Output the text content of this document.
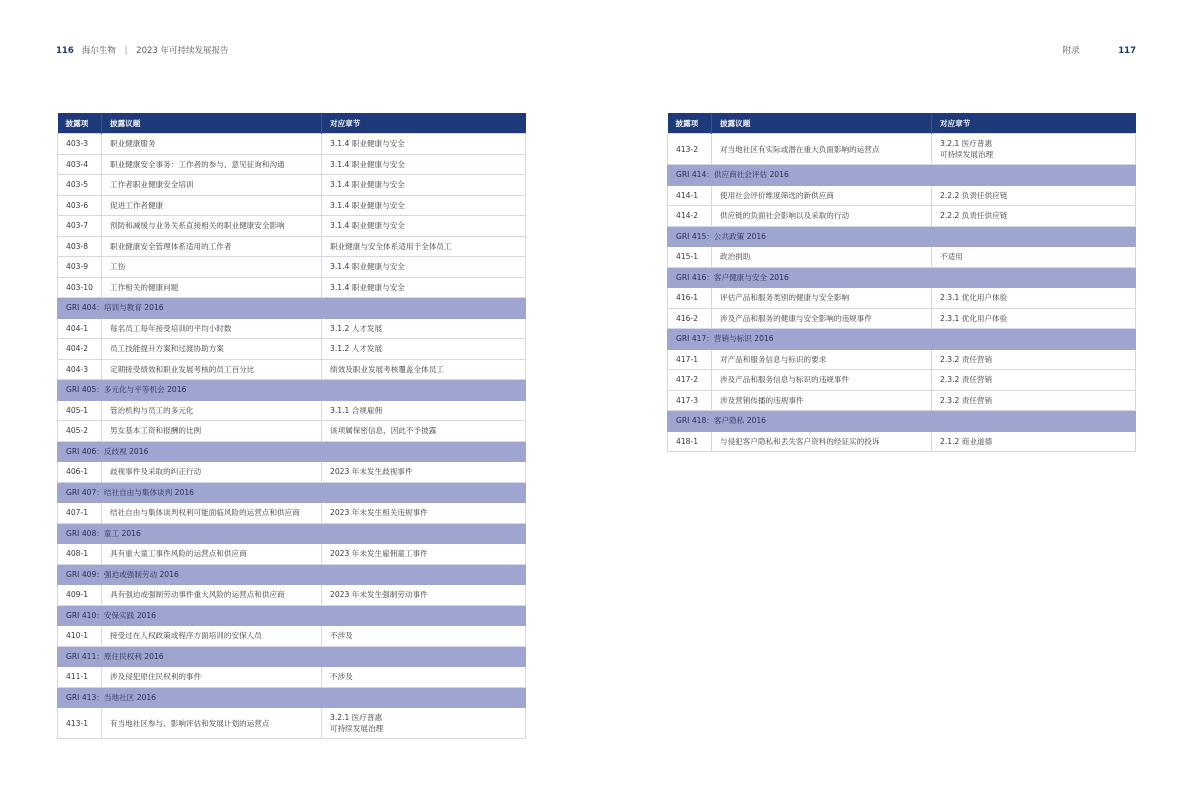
116 海尔生物 | 2023 年可持续发展报告	附录	117
披露项	披露议题	对应章节
403-3	职业健康服务	3.1.4 职业健康与安全
403-4	职业健康安全事务：工作者的参与、意见征询和沟通	3.1.4 职业健康与安全
403-5	工作者职业健康安全培训	3.1.4 职业健康与安全
403-6	促进工作者健康	3.1.4 职业健康与安全
403-7	预防和减缓与业务关系直接相关的职业健康安全影响	3.1.4 职业健康与安全
403-8	职业健康安全管理体系适用的工作者	职业健康与安全体系适用于全体员工
403-9	工伤	3.1.4 职业健康与安全
403-10	工作相关的健康问题	3.1.4 职业健康与安全
GRI 404：培训与教育 2016		
404-1	每名员工每年接受培训的平均小时数	3.1.2 人才发展
404-2	员工技能提升方案和过渡协助方案	3.1.2 人才发展
404-3	定期接受绩效和职业发展考核的员工百分比	绩效及职业发展考核覆盖全体员工
GRI 405：多元化与平等机会 2016		
405-1	管治机构与员工的多元化	3.1.1 合规雇佣
405-2	男女基本工资和报酬的比例	该项属保密信息，因此不予披露
GRI 406：反歧视 2016		
406-1	歧视事件及采取的纠正行动	2023 年未发生歧视事件
GRI 407：结社自由与集体谈判 2016		
407-1	结社自由与集体谈判权利可能面临风险的运营点和供应商	2023 年未发生相关违规事件
GRI 408：童工 2016		
408-1	具有重大童工事件风险的运营点和供应商	2023 年未发生雇佣童工事件
GRI 409：强迫或强制劳动 2016		
409-1	具有强迫或强制劳动事件重大风险的运营点和供应商	2023 年未发生强制劳动事件
GRI 410：安保实践 2016		
410-1	接受过在人权政策或程序方面培训的安保人员	不涉及
GRI 411：原住民权利 2016		
411-1	涉及侵犯原住民权利的事件	不涉及
GRI 413：当地社区 2016		
413-1	有当地社区参与、影响评估和发展计划的运营点	3.2.1 医疗普惠
可持续发展治理
披露项	披露议题	对应章节
413-2	对当地社区有实际或潜在重大负面影响的运营点	3.2.1 医疗普惠
可持续发展治理
GRI 414：供应商社会评估 2016		
414-1	使用社会评价维度筛选的新供应商	2.2.2 负责任供应链
414-2	供应链的负面社会影响以及采取的行动	2.2.2 负责任供应链
GRI 415：公共政策 2016		
415-1	政治捐助	不适用
GRI 416：客户健康与安全 2016		
416-1	评估产品和服务类别的健康与安全影响	2.3.1 优化用户体验
416-2	涉及产品和服务的健康与安全影响的违规事件	2.3.1 优化用户体验
GRI 417：营销与标识 2016		
417-1	对产品和服务信息与标识的要求	2.3.2 责任营销
417-2	涉及产品和服务信息与标识的违规事件	2.3.2 责任营销
417-3	涉及营销传播的违规事件	2.3.2 责任营销
GRI 418：客户隐私 2016		
418-1	与侵犯客户隐私和丢失客户资料的经证实的投诉	2.1.2 商业道德
